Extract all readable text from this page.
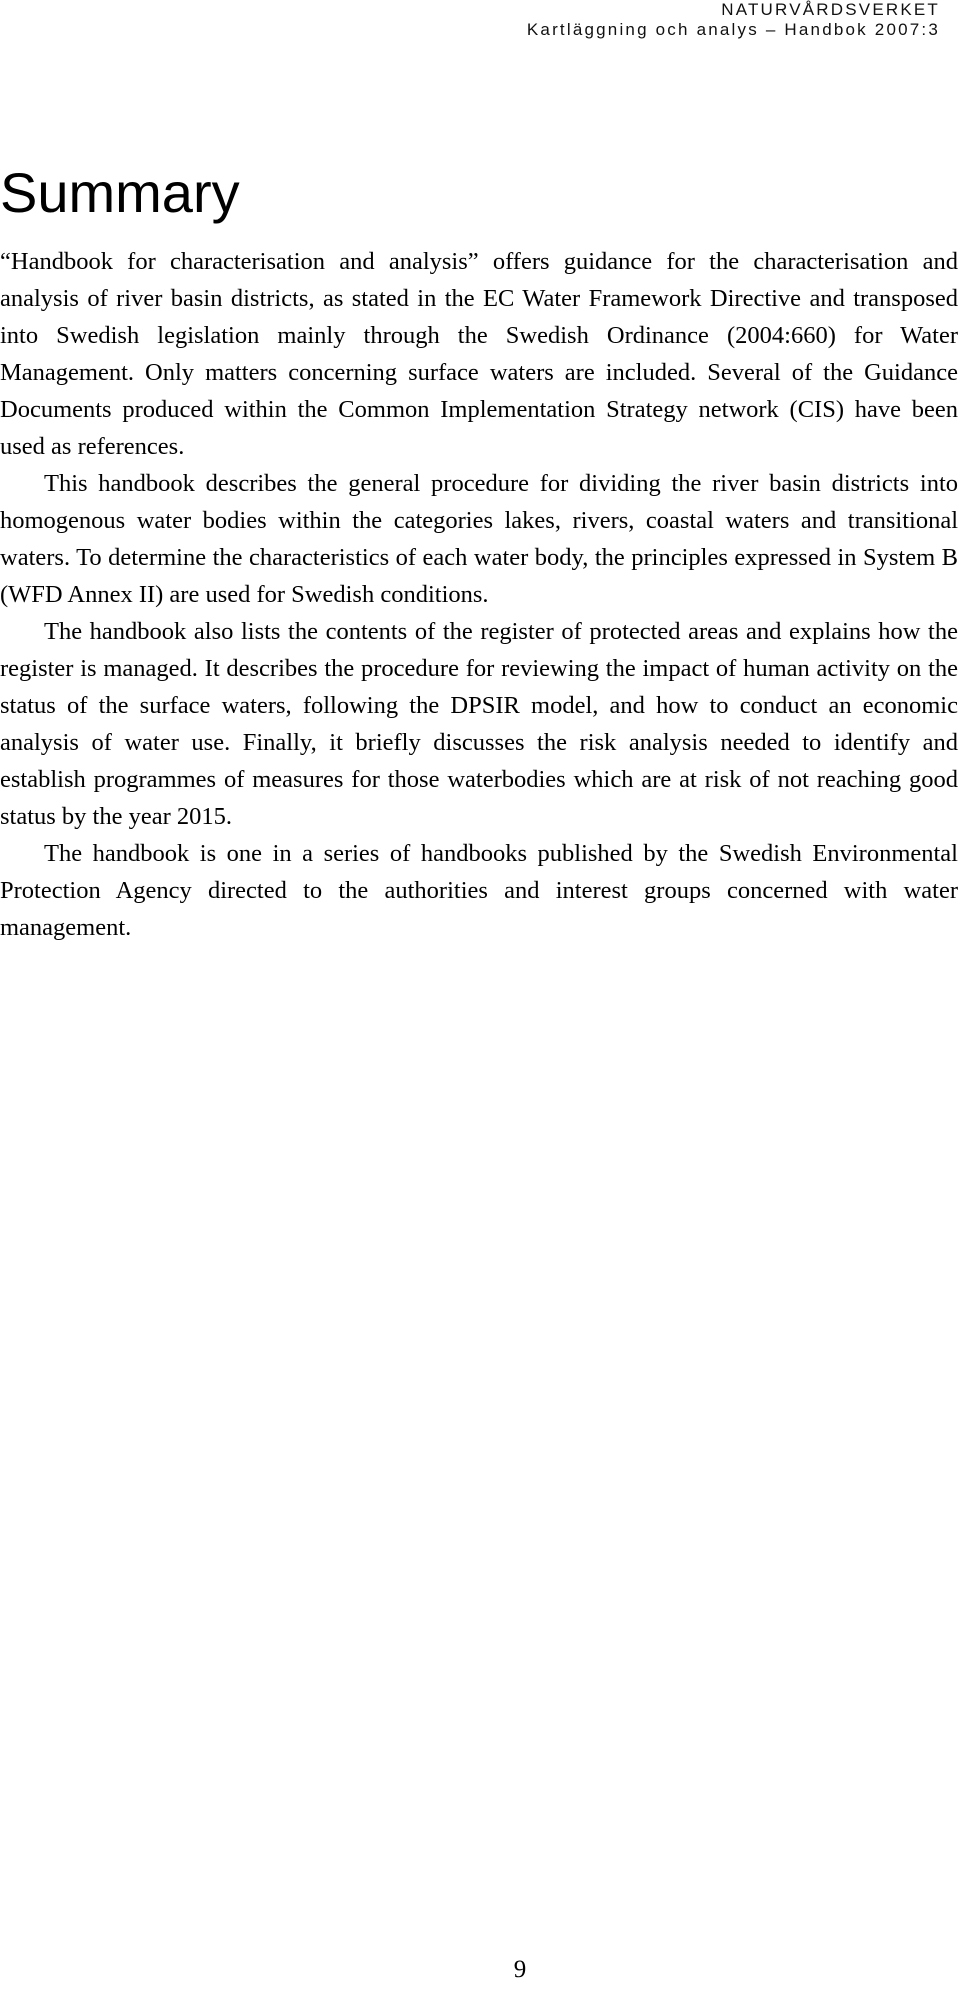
NATURVÅRDSVERKET
Kartläggning och analys – Handbok 2007:3
Summary

“Handbook for characterisation and analysis” offers guidance for the characterisation and analysis of river basin districts, as stated in the EC Water Framework Directive and transposed into Swedish legislation mainly through the Swedish Ordinance (2004:660) for Water Management. Only matters concerning surface waters are included. Several of the Guidance Documents produced within the Common Implementation Strategy network (CIS) have been used as references.

This handbook describes the general procedure for dividing the river basin districts into homogenous water bodies within the categories lakes, rivers, coastal waters and transitional waters. To determine the characteristics of each water body, the principles expressed in System B (WFD Annex II) are used for Swedish conditions.

The handbook also lists the contents of the register of protected areas and explains how the register is managed. It describes the procedure for reviewing the impact of human activity on the status of the surface waters, following the DPSIR model, and how to conduct an economic analysis of water use. Finally, it briefly discusses the risk analysis needed to identify and establish programmes of measures for those waterbodies which are at risk of not reaching good status by the year 2015.

The handbook is one in a series of handbooks published by the Swedish Environmental Protection Agency directed to the authorities and interest groups concerned with water management.

9
